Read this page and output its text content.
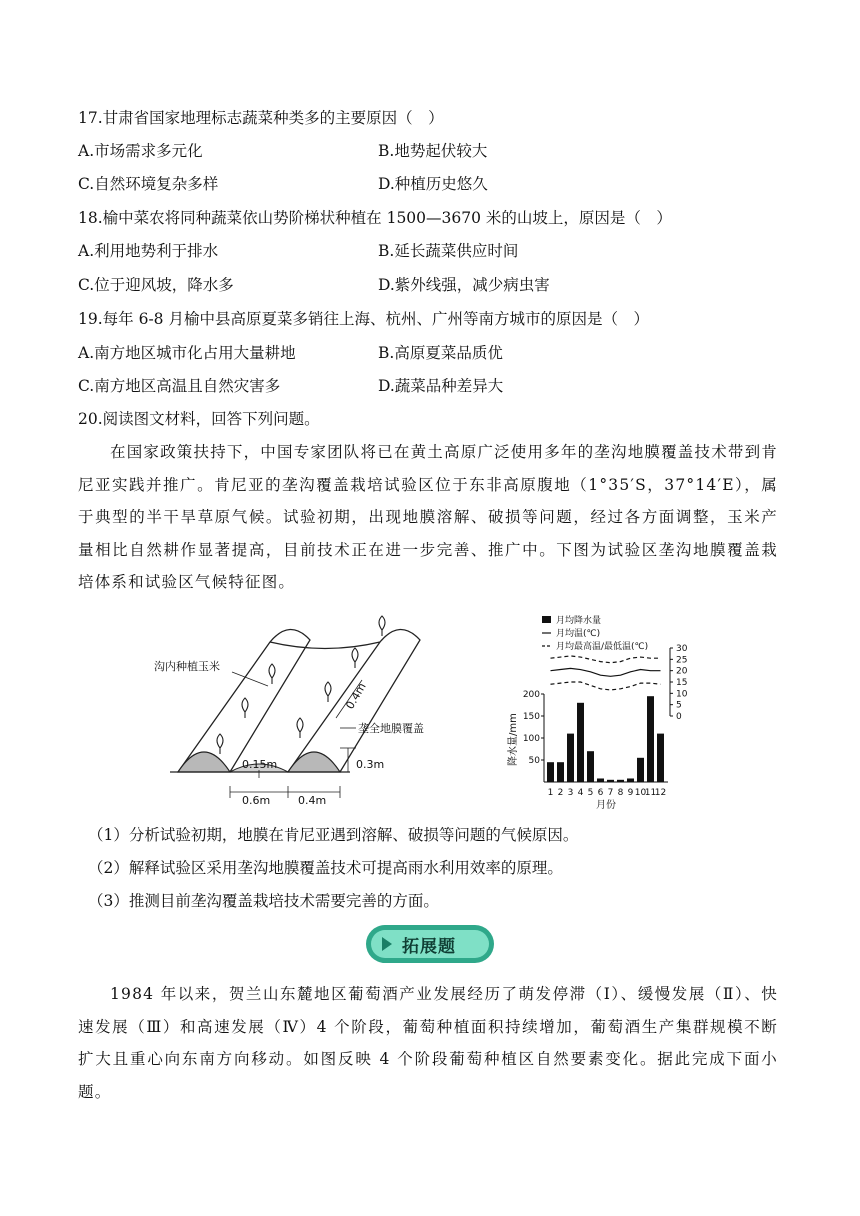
17.甘肃省国家地理标志蔬菜种类多的主要原因（　）
A.市场需求多元化	B.地势起伏较大
C.自然环境复杂多样	D.种植历史悠久
18.榆中菜农将同种蔬菜依山势阶梯状种植在 1500—3670 米的山坡上，原因是（　）
A.利用地势利于排水	B.延长蔬菜供应时间
C.位于迎风坡，降水多	D.紫外线强，减少病虫害
19.每年 6-8 月榆中县高原夏菜多销往上海、杭州、广州等南方城市的原因是（　）
A.南方地区城市化占用大量耕地	B.高原夏菜品质优
C.南方地区高温且自然灾害多	D.蔬菜品种差异大
20.阅读图文材料，回答下列问题。
在国家政策扶持下，中国专家团队将已在黄土高原广泛使用多年的垄沟地膜覆盖技术带到肯尼亚实践并推广。肯尼亚的垄沟覆盖栽培试验区位于东非高原腹地（1°35′S，37°14′E），属于典型的半干旱草原气候。试验初期，出现地膜溶解、破损等问题，经过各方面调整，玉米产量相比自然耕作显著提高，目前技术正在进一步完善、推广中。下图为试验区垄沟地膜覆盖栽培体系和试验区气候特征图。
沟内种植玉米
垄全地膜覆盖
0.4m
0.15m	0.3m
0.6m	0.4m
月均降水量
月均温(℃)
月均最高温/最低温(℃)
降水量/mm
月份
50
100
150
200
0
5
10
15
20
25
30
1 2 3 4 5 6 7 8 9 10
11
12
（1）分析试验初期，地膜在肯尼亚遇到溶解、破损等问题的气候原因。
（2）解释试验区采用垄沟地膜覆盖技术可提高雨水利用效率的原理。
（3）推测目前垄沟覆盖栽培技术需要完善的方面。
拓展题
1984 年以来，贺兰山东麓地区葡萄酒产业发展经历了萌发停滞（Ⅰ）、缓慢发展（Ⅱ）、快速发展（Ⅲ）和高速发展（Ⅳ）4 个阶段，葡萄种植面积持续增加，葡萄酒生产集群规模不断扩大且重心向东南方向移动。如图反映 4 个阶段葡萄种植区自然要素变化。据此完成下面小题。
